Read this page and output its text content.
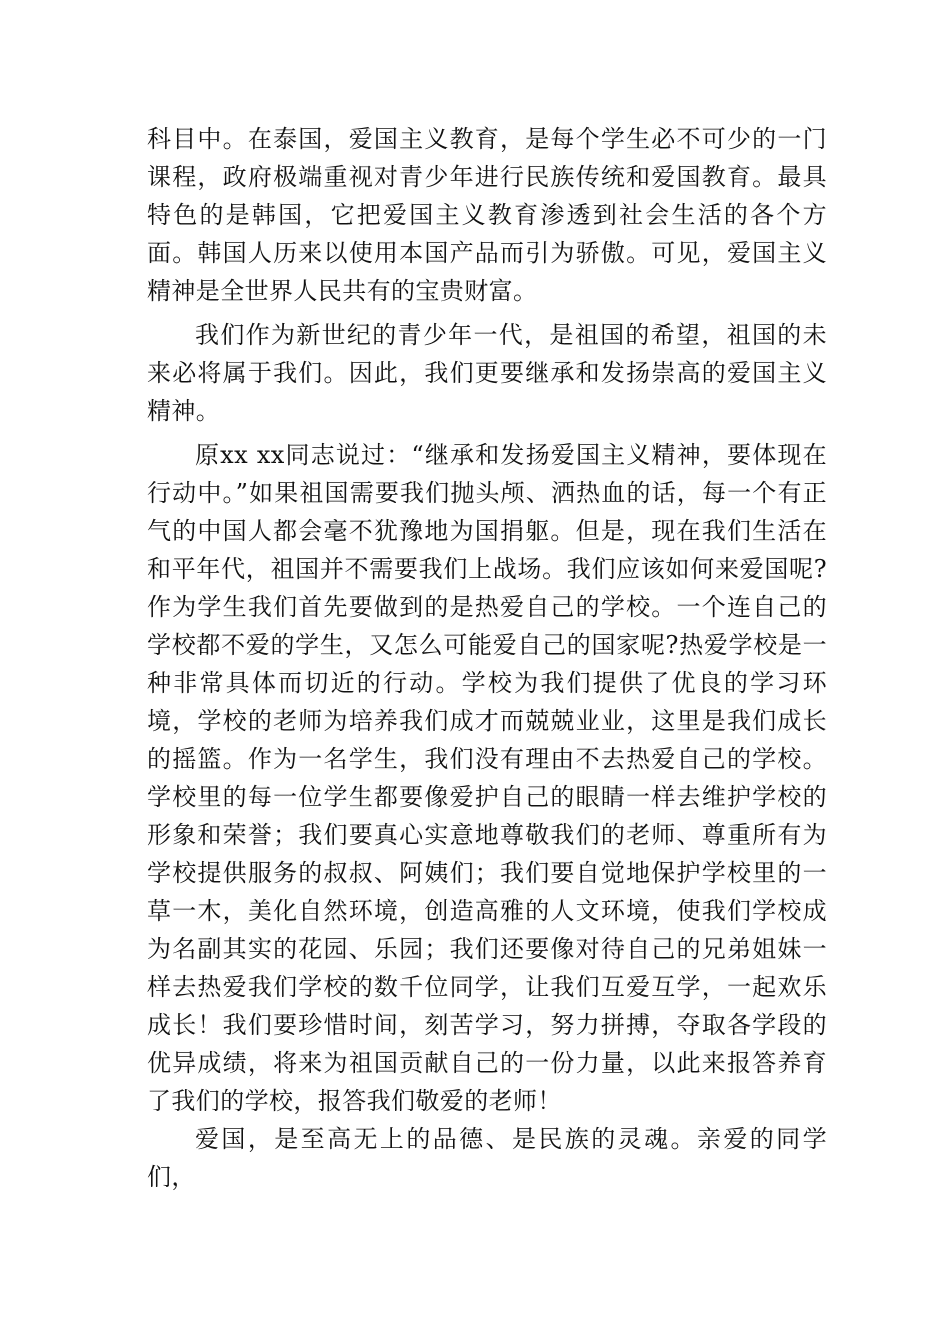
科目中。在泰国，爱国主义教育，是每个学生必不可少的一门课程，政府极端重视对青少年进行民族传统和爱国教育。最具特色的是韩国，它把爱国主义教育渗透到社会生活的各个方面。韩国人历来以使用本国产品而引为骄傲。可见，爱国主义精神是全世界人民共有的宝贵财富。

我们作为新世纪的青少年一代，是祖国的希望，祖国的未来必将属于我们。因此，我们更要继承和发扬崇高的爱国主义精神。

原xx xx同志说过：“继承和发扬爱国主义精神，要体现在行动中。”如果祖国需要我们抛头颅、洒热血的话，每一个有正气的中国人都会毫不犹豫地为国捐躯。但是，现在我们生活在和平年代，祖国并不需要我们上战场。我们应该如何来爱国呢?作为学生我们首先要做到的是热爱自己的学校。一个连自己的学校都不爱的学生，又怎么可能爱自己的国家呢?热爱学校是一种非常具体而切近的行动。学校为我们提供了优良的学习环境，学校的老师为培养我们成才而兢兢业业，这里是我们成长的摇篮。作为一名学生，我们没有理由不去热爱自己的学校。学校里的每一位学生都要像爱护自己的眼睛一样去维护学校的形象和荣誉；我们要真心实意地尊敬我们的老师、尊重所有为学校提供服务的叔叔、阿姨们；我们要自觉地保护学校里的一草一木，美化自然环境，创造高雅的人文环境，使我们学校成为名副其实的花园、乐园；我们还要像对待自己的兄弟姐妹一样去热爱我们学校的数千位同学，让我们互爱互学，一起欢乐成长！我们要珍惜时间，刻苦学习，努力拼搏，夺取各学段的优异成绩，将来为祖国贡献自己的一份力量，以此来报答养育了我们的学校，报答我们敬爱的老师！

爱国，是至高无上的品德、是民族的灵魂。亲爱的同学们，
